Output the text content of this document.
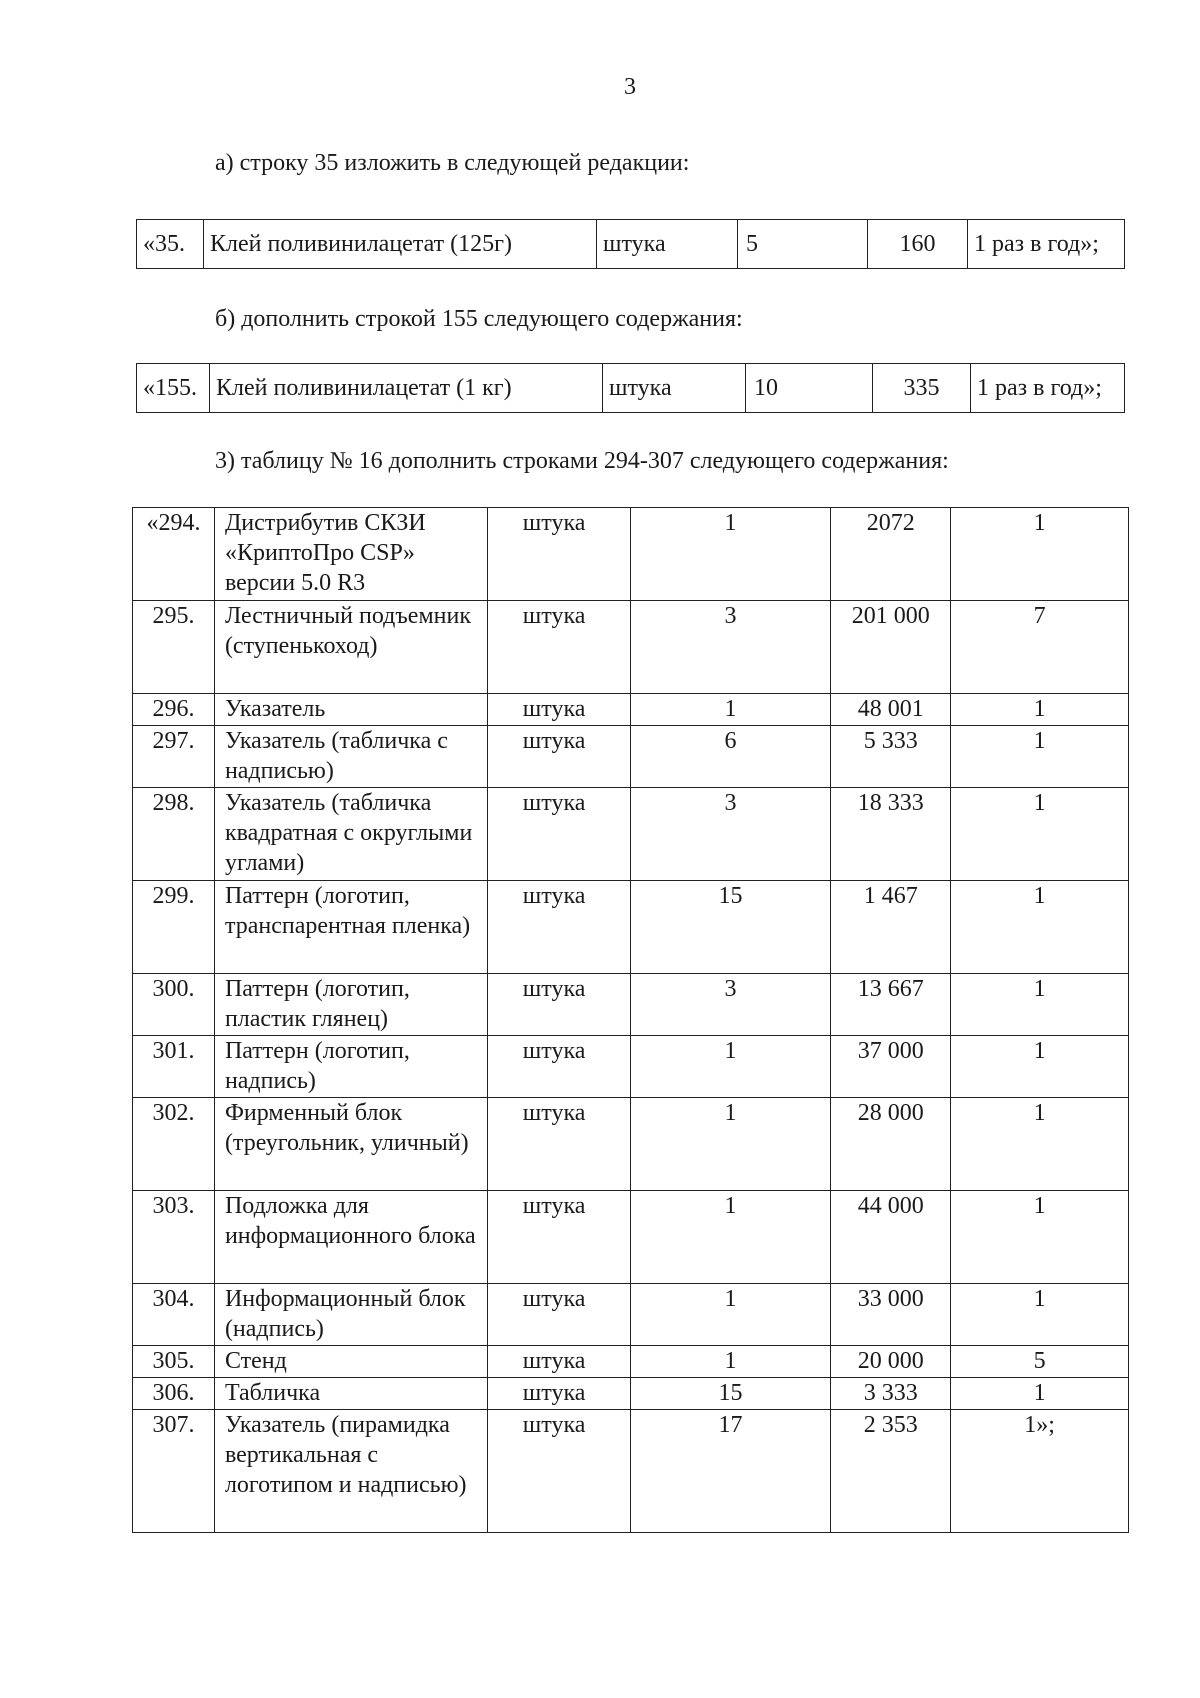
3
а) строку 35 изложить в следующей редакции:
«35.	Клей поливинилацетат (125г)	штука	5	160	1 раз в год»;
б) дополнить строкой 155 следующего содержания:
«155.	Клей поливинилацетат (1 кг)	штука	10	335	1 раз в год»;
3) таблицу № 16 дополнить строками 294-307 следующего содержания:
«294.	Дистрибутив СКЗИ «КриптоПро CSP» версии 5.0 R3	штука	1	2072	1
295.	Лестничный подъемник (ступенькоход)	штука	3	201 000	7
296.	Указатель	штука	1	48 001	1
297.	Указатель (табличка с надписью)	штука	6	5 333	1
298.	Указатель (табличка квадратная с округлыми углами)	штука	3	18 333	1
299.	Паттерн (логотип, транспарентная пленка)	штука	15	1 467	1
300.	Паттерн (логотип, пластик глянец)	штука	3	13 667	1
301.	Паттерн (логотип, надпись)	штука	1	37 000	1
302.	Фирменный блок (треугольник, уличный)	штука	1	28 000	1
303.	Подложка для информационного блока	штука	1	44 000	1
304.	Информационный блок (надпись)	штука	1	33 000	1
305.	Стенд	штука	1	20 000	5
306.	Табличка	штука	15	3 333	1
307.	Указатель (пирамидка вертикальная с логотипом и надписью)	штука	17	2 353	1»;
